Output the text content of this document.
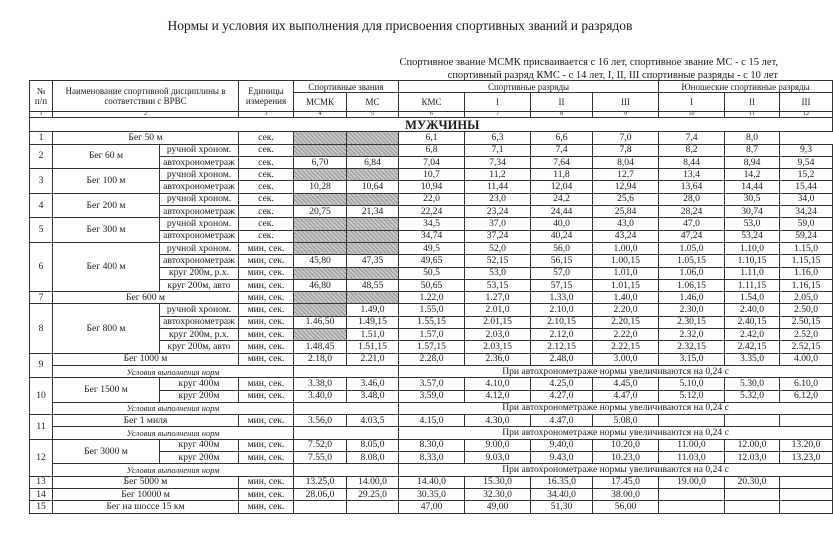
Нормы и условия их выполнения для присвоения спортивных званий и разрядов
Спортивное звание МСМК присваивается с 16 лет, спортивное звание МС - с 15 лет,
спортивный разряд КМС - с 14 лет, I, II, III спортивные разряды - с 10 лет
№ п/п	Наименование спортивной дисциплины в соответствии с ВРВС		Единицы измерения	Спортивные звания		Спортивные разряды				Юношеские спортивные разряды		
				МСМК	МС	КМС	I	II	III	I	II	III
1	2		3	4	5	6	7	8	9	10	11	12
	МУЖЧИНЫ											
1	Бег 50 м		сек.			6,1	6,3	6,6	7,0	7,4	8,0	
2	Бег 60 м	ручной хроном.	сек.			6,8	7,1	7,4	7,8	8,2	8,7	9,3
		автохронометраж	сек.	6,70	6,84	7,04	7,34	7,64	8,04	8,44	8,94	9,54
3	Бег 100 м	ручной хроном.	сек.			10,7	11,2	11,8	12,7	13,4	14,2	15,2
		автохронометраж	сек.	10,28	10,64	10,94	11,44	12,04	12,94	13,64	14,44	15,44
4	Бег 200 м	ручной хроном.	сек.			22,0	23,0	24,2	25,6	28,0	30,5	34,0
		автохронометраж	сек.	20,75	21,34	22,24	23,24	24,44	25,84	28,24	30,74	34,24
5	Бег 300 м	ручной хроном.	сек.			34,5	37,0	40,0	43,0	47,0	53,0	59,0
		автохронометраж	сек.			34,74	37,24	40,24	43,24	47,24	53,24	59,24
6	Бег 400 м	ручной хроном.	мин, сек.			49,5	52,0	56,0	1.00,0	1.05,0	1.10,0	1.15,0
		автохронометраж	мин, сек.	45,80	47,35	49,65	52,15	56,15	1.00,15	1.05,15	1.10,15	1.15,15
		круг 200м, р.х.	мин, сек.			50,5	53,0	57,0	1.01,0	1.06,0	1.11,0	1.16,0
		круг 200м, авто	мин, сек.	46,80	48,55	50,65	53,15	57,15	1.01,15	1.06,15	1.11,15	1.16,15
7	Бег 600 м		мин, сек.			1.22,0	1.27,0	1.33,0	1.40,0	1.46,0	1.54,0	2.05,0
8	Бег 800 м	ручной хроном.	мин, сек.		1.49,0	1.55,0	2.01,0	2.10,0	2.20,0	2.30,0	2.40,0	2.50,0
		автохронометраж	мин, сек.	1.46,50	1.49,15	1.55,15	2.01,15	2.10,15	2.20,15	2.30,15	2.40,15	2.50,15
		круг 200м, р.х.	мин, сек.		1.51,0	1.57,0	2.03,0	2.12,0	2.22,0	2.32,0	2.42,0	2.52,0
		круг 200м, авто	мин, сек.	1.48,45	1.51,15	1.57,15	2.03,15	2.12,15	2.22,15	2.32,15	2.42,15	2.52,15
9	Бег 1000 м		мин, сек.	2.18,0	2.21,0	2.28,0	2.36,0	2.48,0	3.00,0	3.15,0	3.35,0	4.00,0
	Условия выполнения норм					При автохронометраже нормы увеличиваются на 0,24 с						
10	Бег 1500 м	круг 400м	мин, сек.	3.38,0	3.46,0	3.57,0	4.10,0	4.25,0	4.45,0	5.10,0	5.30,0	6.10,0
		круг 200м	мин, сек.	3.40,0	3.48,0	3.59,0	4.12,0	4.27,0	4.47,0	5.12,0	5.32,0	6.12,0
	Условия выполнения норм					При автохронометраже нормы увеличиваются на 0,24 с						
11	Бег 1 миля		мин, сек.	3.56,0	4.03,5	4.15,0	4.30,0	4.47,0	5.08,0			
	Условия выполнения норм					При автохронометраже нормы увеличиваются на 0,24 с						
12	Бег 3000 м	круг 400м	мин, сек.	7.52,0	8.05,0	8.30,0	9.00,0	9.40,0	10.20,0	11.00,0	12.00,0	13.20,0
		круг 200м	мин, сек.	7.55,0	8.08,0	8.33,0	9.03,0	9.43,0	10.23,0	11.03,0	12.03,0	13.23,0
	Условия выполнения норм					При автохронометраже нормы увеличиваются на 0,24 с						
13	Бег 5000 м		мин, сек.	13.25,0	14.00,0	14.40,0	15.30,0	16.35,0	17.45,0	19.00,0	20.30,0	
14	Бег 10000 м		мин, сек.	28.06,0	29.25,0	30.35,0	32.30,0	34.40,0	38.00,0			
15	Бег на шоссе 15 км		мин, сек.			47,00	49,00	51,30	56,00			
